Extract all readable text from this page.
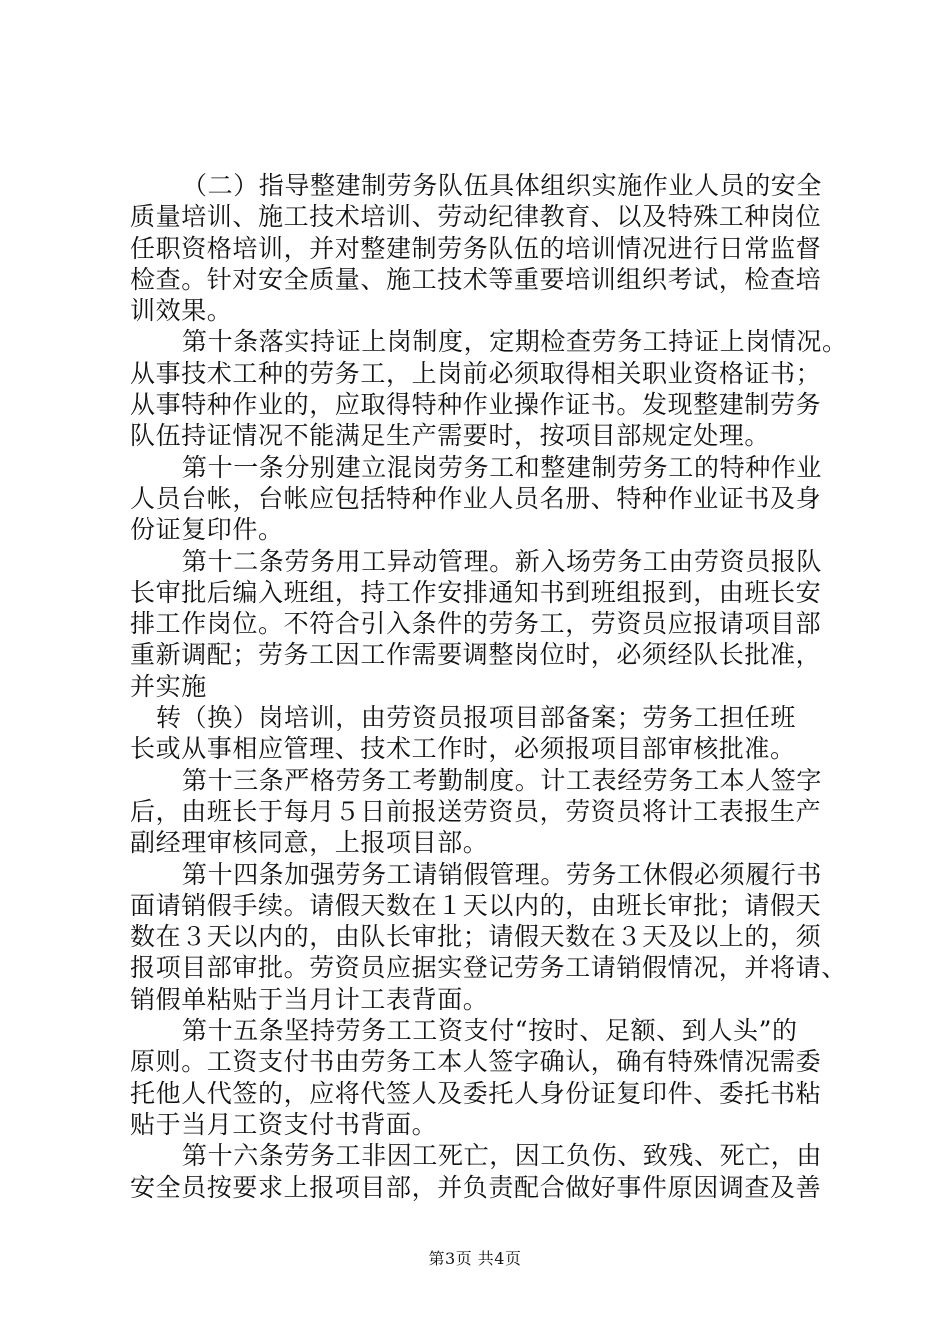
（二）指导整建制劳务队伍具体组织实施作业人员的安全
质量培训、施工技术培训、劳动纪律教育、以及特殊工种岗位
任职资格培训，并对整建制劳务队伍的培训情况进行日常监督
检查。针对安全质量、施工技术等重要培训组织考试，检查培
训效果。
第十条落实持证上岗制度，定期检查劳务工持证上岗情况。
从事技术工种的劳务工，上岗前必须取得相关职业资格证书；
从事特种作业的，应取得特种作业操作证书。发现整建制劳务
队伍持证情况不能满足生产需要时，按项目部规定处理。
第十一条分别建立混岗劳务工和整建制劳务工的特种作业
人员台帐，台帐应包括特种作业人员名册、特种作业证书及身
份证复印件。
第十二条劳务用工异动管理。新入场劳务工由劳资员报队
长审批后编入班组，持工作安排通知书到班组报到，由班长安
排工作岗位。不符合引入条件的劳务工，劳资员应报请项目部
重新调配；劳务工因工作需要调整岗位时，必须经队长批准，
并实施
转（换）岗培训，由劳资员报项目部备案；劳务工担任班
长或从事相应管理、技术工作时，必须报项目部审核批准。
第十三条严格劳务工考勤制度。计工表经劳务工本人签字
后，由班长于每月５日前报送劳资员，劳资员将计工表报生产
副经理审核同意，上报项目部。
第十四条加强劳务工请销假管理。劳务工休假必须履行书
面请销假手续。请假天数在１天以内的，由班长审批；请假天
数在３天以内的，由队长审批；请假天数在３天及以上的，须
报项目部审批。劳资员应据实登记劳务工请销假情况，并将请、
销假单粘贴于当月计工表背面。
第十五条坚持劳务工工资支付“按时、足额、到人头”的
原则。工资支付书由劳务工本人签字确认，确有特殊情况需委
托他人代签的，应将代签人及委托人身份证复印件、委托书粘
贴于当月工资支付书背面。
第十六条劳务工非因工死亡，因工负伤、致残、死亡，由
安全员按要求上报项目部，并负责配合做好事件原因调查及善
第3页 共4页
